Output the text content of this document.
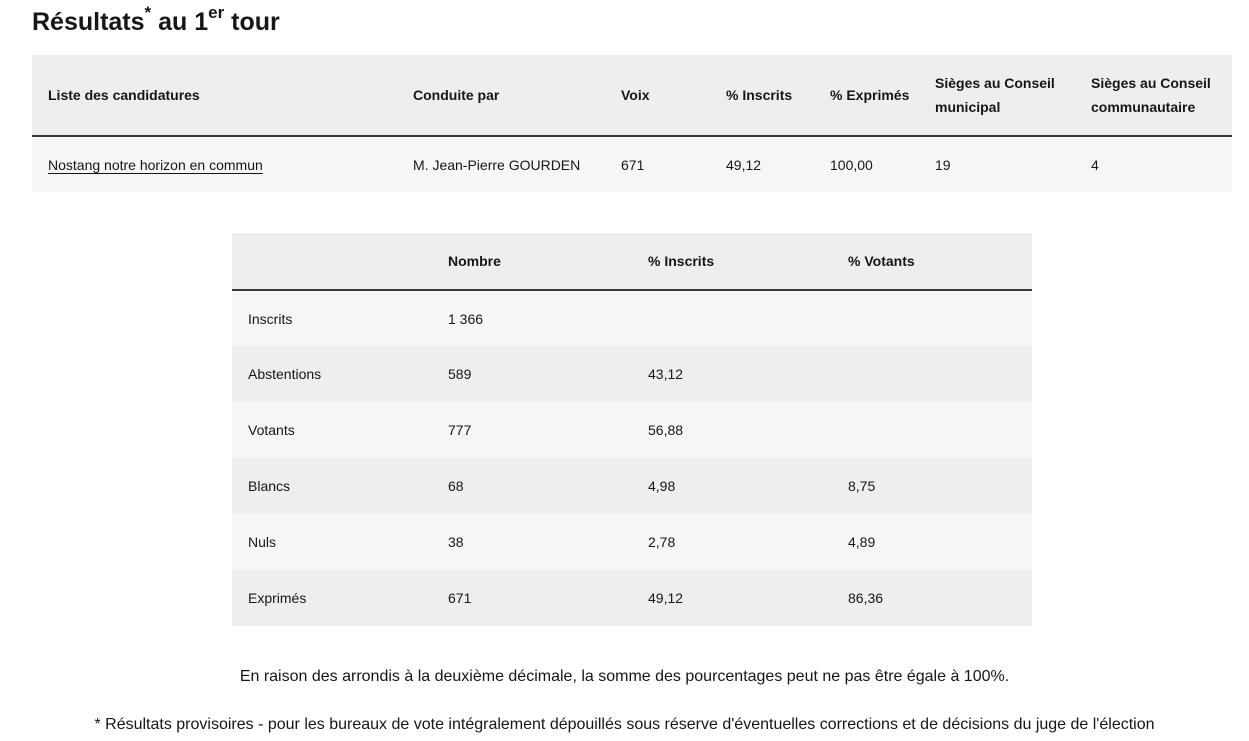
Résultats* au 1er tour
Liste des candidatures	Conduite par	Voix	% Inscrits	% Exprimés	Sièges au Conseil municipal	Sièges au Conseil communautaire
Nostang notre horizon en commun	M. Jean-Pierre GOURDEN	671	49,12	100,00	19	4
	Nombre	% Inscrits	% Votants
Inscrits	1 366		
Abstentions	589	43,12	
Votants	777	56,88	
Blancs	68	4,98	8,75
Nuls	38	2,78	4,89
Exprimés	671	49,12	86,36

En raison des arrondis à la deuxième décimale, la somme des pourcentages peut ne pas être égale à 100%.

* Résultats provisoires - pour les bureaux de vote intégralement dépouillés sous réserve d'éventuelles corrections et de décisions du juge de l'élection
